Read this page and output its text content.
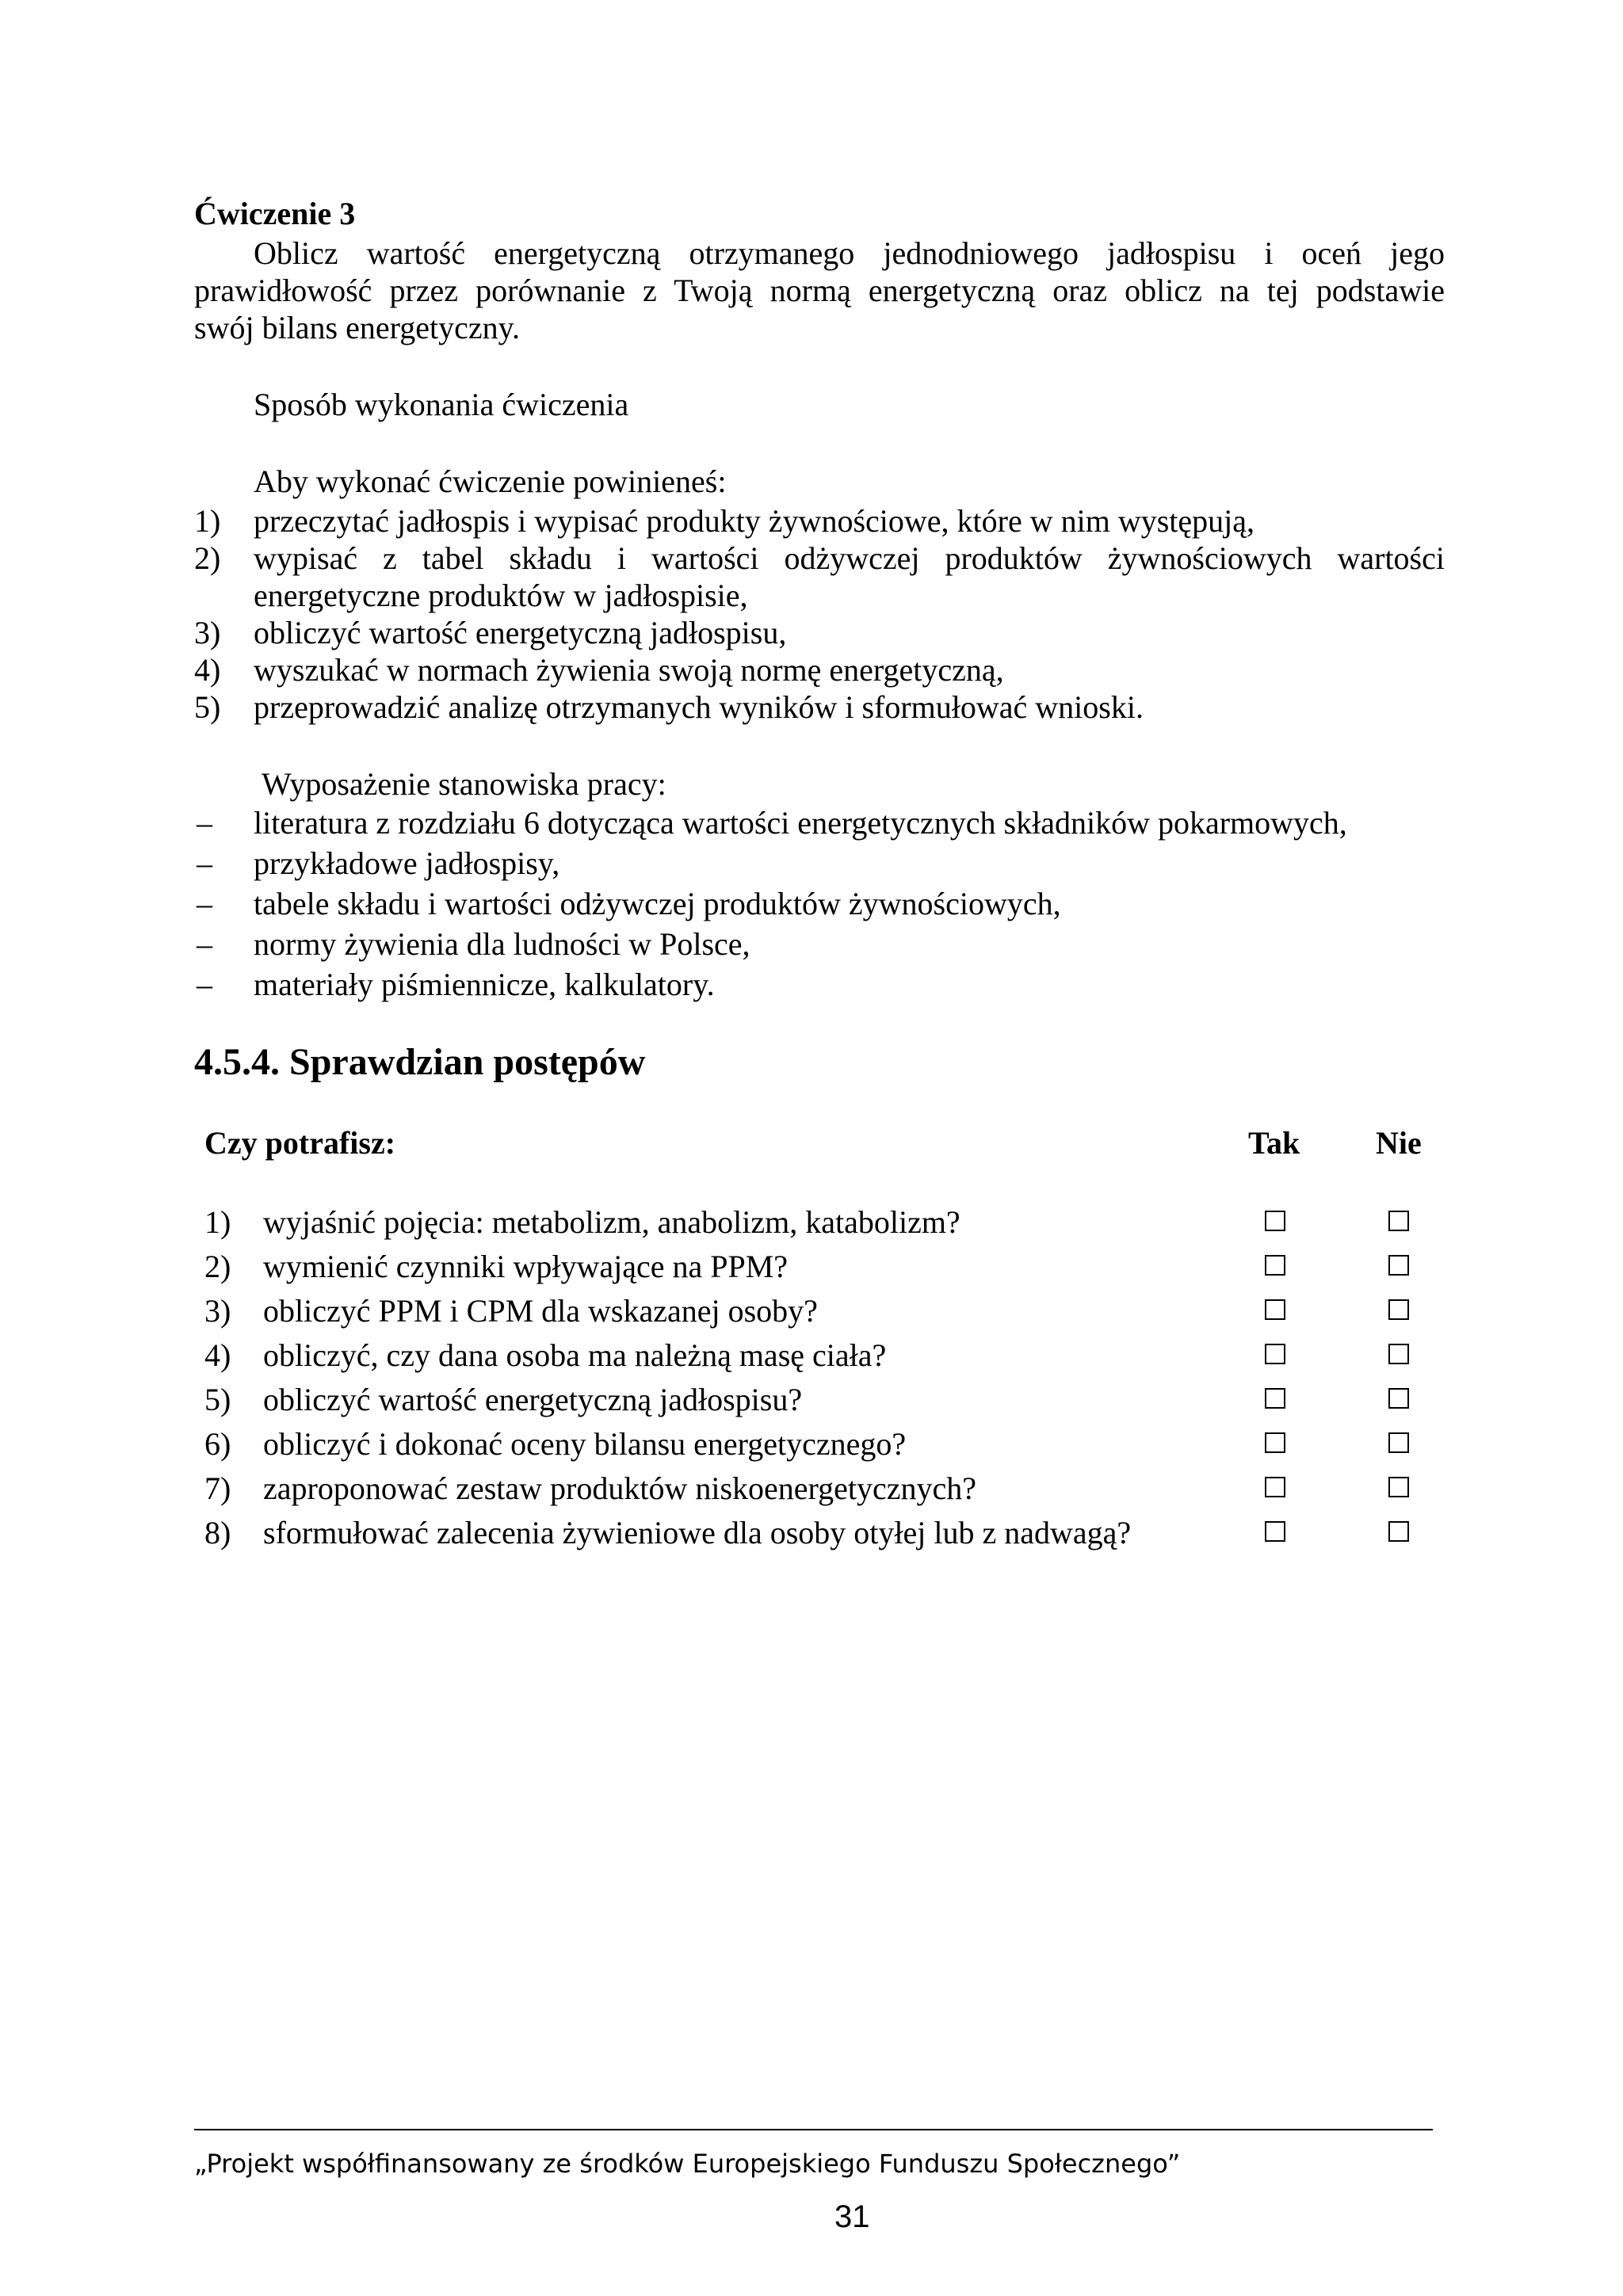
Ćwiczenie 3
Oblicz wartość energetyczną otrzymanego jednodniowego jadłospisu i oceń jego
prawidłowość przez porównanie z Twoją normą energetyczną oraz oblicz na tej podstawie
swój bilans energetyczny.
Sposób wykonania ćwiczenia
Aby wykonać ćwiczenie powinieneś:
1) przeczytać jadłospis i wypisać produkty żywnościowe, które w nim występują,
2) wypisać z tabel składu i wartości odżywczej produktów żywnościowych wartości
energetyczne produktów w jadłospisie,
3) obliczyć wartość energetyczną jadłospisu,
4) wyszukać w normach żywienia swoją normę energetyczną,
5) przeprowadzić analizę otrzymanych wyników i sformułować wnioski.
Wyposażenie stanowiska pracy:
– literatura z rozdziału 6 dotycząca wartości energetycznych składników pokarmowych,
– przykładowe jadłospisy,
– tabele składu i wartości odżywczej produktów żywnościowych,
– normy żywienia dla ludności w Polsce,
– materiały piśmiennicze, kalkulatory.
4.5.4. Sprawdzian postępów
Czy potrafisz:	Tak Nie
1) wyjaśnić pojęcia: metabolizm, anabolizm, katabolizm?
2) wymienić czynniki wpływające na PPM?
3) obliczyć PPM i CPM dla wskazanej osoby?
4) obliczyć, czy dana osoba ma należną masę ciała?
5) obliczyć wartość energetyczną jadłospisu?
6) obliczyć i dokonać oceny bilansu energetycznego?
7) zaproponować zestaw produktów niskoenergetycznych?
8) sformułować zalecenia żywieniowe dla osoby otyłej lub z nadwagą?
„Projekt współfinansowany ze środków Europejskiego Funduszu Społecznego”
31
